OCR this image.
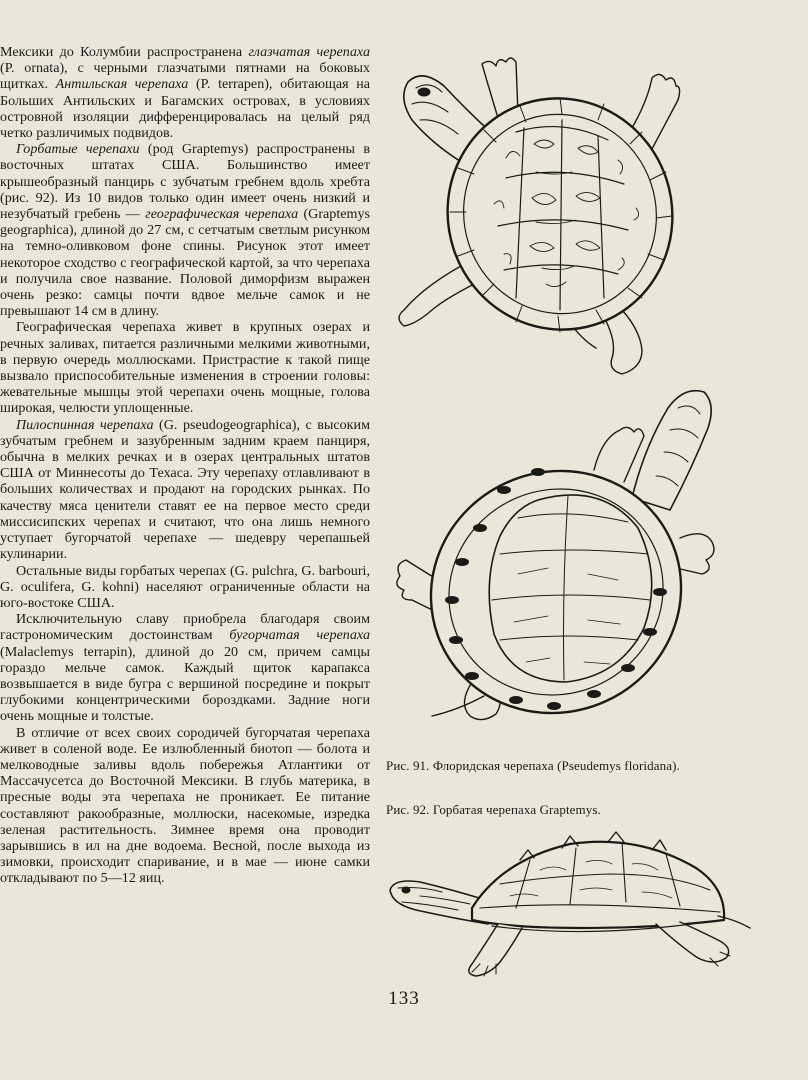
Мексики до Колумбии распространена глазчатая черепаха (P. ornata), с черными глазчатыми пятнами на боковых щитках. Антильская черепаха (P. terrapen), обитающая на Больших Антильских и Багамских островах, в условиях островной изоляции дифференцировалась на целый ряд четко различимых подвидов.

Горбатые черепахи (род Graptemys) распространены в восточных штатах США. Большинство имеет крышеобразный панцирь с зубчатым гребнем вдоль хребта (рис. 92). Из 10 видов только один имеет очень низкий и незубчатый гребень — географическая черепаха (Graptemys geographica), длиной до 27 см, с сетчатым светлым рисунком на темно-оливковом фоне спины. Рисунок этот имеет некоторое сходство с географической картой, за что черепаха и получила свое название. Половой диморфизм выражен очень резко: самцы почти вдвое мельче самок и не превышают 14 см в длину.

Географическая черепаха живет в крупных озерах и речных заливах, питается различными мелкими животными, в первую очередь моллюсками. Пристрастие к такой пище вызвало приспособительные изменения в строении головы: жевательные мышцы этой черепахи очень мощные, голова широкая, челюсти уплощенные.

Пилоспинная черепаха (G. pseudogeographica), с высоким зубчатым гребнем и зазубренным задним краем панциря, обычна в мелких речках и в озерах центральных штатов США от Миннесоты до Техаса. Эту черепаху отлавливают в больших количествах и продают на городских рынках. По качеству мяса ценители ставят ее на первое место среди миссисипских черепах и считают, что она лишь немного уступает бугорчатой черепахе — шедевру черепашьей кулинарии.

Остальные виды горбатых черепах (G. pulchra, G. barbouri, G. oculifera, G. kohni) населяют ограниченные области на юго-востоке США.

Исключительную славу приобрела благодаря своим гастрономическим достоинствам бугорчатая черепаха (Malaclemys terrapin), длиной до 20 см, причем самцы гораздо мельче самок. Каждый щиток карапакса возвышается в виде бугра с вершиной посредине и покрыт глубокими концентрическими бороздками. Задние ноги очень мощные и толстые.

В отличие от всех своих сородичей бугорчатая черепаха живет в соленой воде. Ее излюбленный биотоп — болота и мелководные заливы вдоль побережья Атлантики от Массачусетса до Восточной Мексики. В глубь материка, в пресные воды эта черепаха не проникает. Ее питание составляют ракообразные, моллюски, насекомые, изредка зеленая растительность. Зимнее время она проводит зарывшись в ил на дне водоема. Весной, после выхода из зимовки, происходит спаривание, и в мае — июне самки откладывают по 5—12 яиц.

Рис. 91. Флоридская черепаха (Pseudemys floridana).
Рис. 92. Горбатая черепаха Graptemys.
133
